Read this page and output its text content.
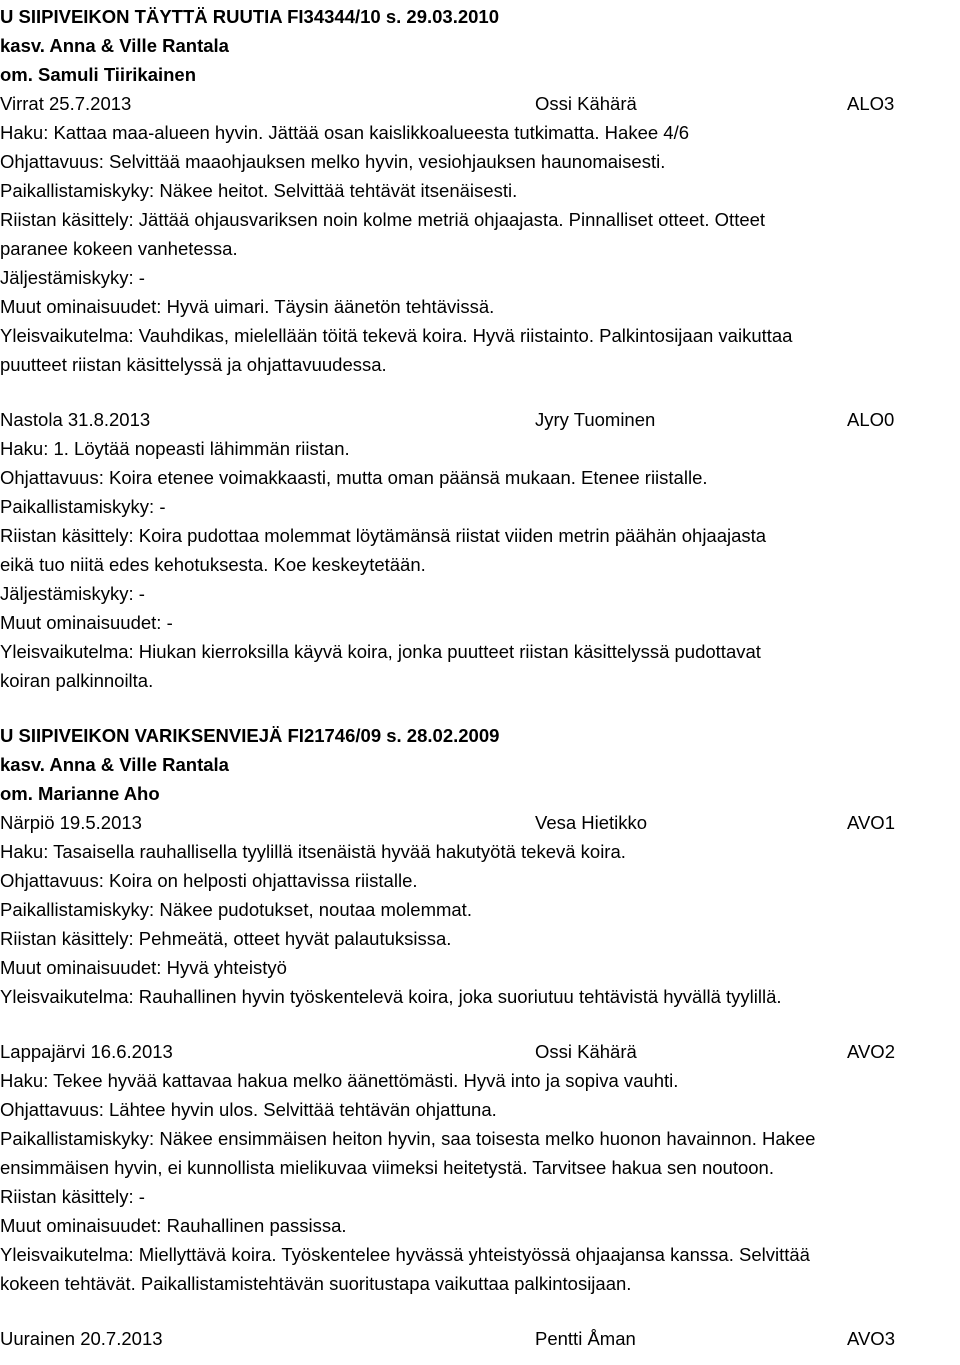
U SIIPIVEIKON TÄYTTÄ RUUTIA FI34344/10 s. 29.03.2010
kasv. Anna & Ville Rantala
om. Samuli Tiirikainen
Virrat 25.7.2013	Ossi Kähärä	ALO3
Haku: Kattaa maa-alueen hyvin. Jättää osan kaislikkoalueesta tutkimatta. Hakee 4/6
Ohjattavuus: Selvittää maaohjauksen melko hyvin, vesiohjauksen haunomaisesti.
Paikallistamiskyky: Näkee heitot. Selvittää tehtävät itsenäisesti.
Riistan käsittely: Jättää ohjausvariksen noin kolme metriä ohjaajasta. Pinnalliset otteet. Otteet
paranee kokeen vanhetessa.
Jäljestämiskyky: -
Muut ominaisuudet: Hyvä uimari. Täysin äänetön tehtävissä.
Yleisvaikutelma: Vauhdikas, mielellään töitä tekevä koira. Hyvä riistainto. Palkintosijaan vaikuttaa
puutteet riistan käsittelyssä ja ohjattavuudessa.
Nastola 31.8.2013	Jyry Tuominen	ALO0
Haku: 1. Löytää nopeasti lähimmän riistan.
Ohjattavuus: Koira etenee voimakkaasti, mutta oman päänsä mukaan. Etenee riistalle.
Paikallistamiskyky: -
Riistan käsittely: Koira pudottaa molemmat löytämänsä riistat viiden metrin päähän ohjaajasta
eikä tuo niitä edes kehotuksesta. Koe keskeytetään.
Jäljestämiskyky: -
Muut ominaisuudet: -
Yleisvaikutelma: Hiukan kierroksilla käyvä koira, jonka puutteet riistan käsittelyssä pudottavat
koiran palkinnoilta.
U SIIPIVEIKON VARIKSENVIEJÄ FI21746/09 s. 28.02.2009
kasv. Anna & Ville Rantala
om. Marianne Aho
Närpiö 19.5.2013	Vesa Hietikko	AVO1
Haku: Tasaisella rauhallisella tyylillä itsenäistä hyvää hakutyötä tekevä koira.
Ohjattavuus: Koira on helposti ohjattavissa riistalle.
Paikallistamiskyky: Näkee pudotukset, noutaa molemmat.
Riistan käsittely: Pehmeätä, otteet hyvät palautuksissa.
Muut ominaisuudet: Hyvä yhteistyö
Yleisvaikutelma: Rauhallinen hyvin työskentelevä koira, joka suoriutuu tehtävistä hyvällä tyylillä.
Lappajärvi 16.6.2013	Ossi Kähärä	AVO2
Haku: Tekee hyvää kattavaa hakua melko äänettömästi. Hyvä into ja sopiva vauhti.
Ohjattavuus: Lähtee hyvin ulos. Selvittää tehtävän ohjattuna.
Paikallistamiskyky: Näkee ensimmäisen heiton hyvin, saa toisesta melko huonon havainnon. Hakee
ensimmäisen hyvin, ei kunnollista mielikuvaa viimeksi heitetystä. Tarvitsee hakua sen noutoon.
Riistan käsittely: -
Muut ominaisuudet: Rauhallinen passissa.
Yleisvaikutelma: Miellyttävä koira. Työskentelee hyvässä yhteistyössä ohjaajansa kanssa. Selvittää
kokeen tehtävät. Paikallistamistehtävän suoritustapa vaikuttaa palkintosijaan.
Uurainen 20.7.2013	Pentti Åman	AVO3
